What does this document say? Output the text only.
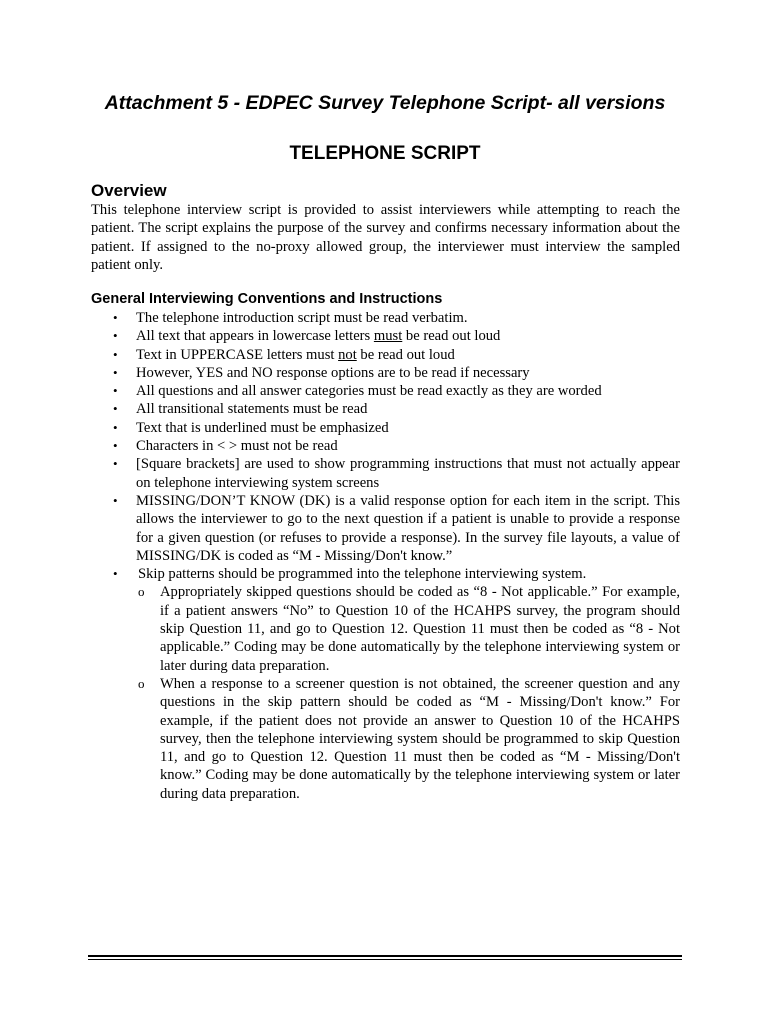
Attachment 5 - EDPEC Survey Telephone Script- all versions
TELEPHONE SCRIPT
Overview

This telephone interview script is provided to assist interviewers while attempting to reach the patient. The script explains the purpose of the survey and confirms necessary information about the patient. If assigned to the no-proxy allowed group, the interviewer must interview the sampled patient only.

General Interviewing Conventions and Instructions
• The telephone introduction script must be read verbatim.
• All text that appears in lowercase letters must be read out loud
• Text in UPPERCASE letters must not be read out loud
• However, YES and NO response options are to be read if necessary
• All questions and all answer categories must be read exactly as they are worded
• All transitional statements must be read
• Text that is underlined must be emphasized
• Characters in < > must not be read
• [Square brackets] are used to show programming instructions that must not actually appear on telephone interviewing system screens
• MISSING/DON’T KNOW (DK) is a valid response option for each item in the script. This allows the interviewer to go to the next question if a patient is unable to provide a response for a given question (or refuses to provide a response). In the survey file layouts, a value of MISSING/DK is coded as “M - Missing/Don't know.”
• Skip patterns should be programmed into the telephone interviewing system.
o Appropriately skipped questions should be coded as “8 - Not applicable.” For example, if a patient answers “No” to Question 10 of the HCAHPS survey, the program should skip Question 11, and go to Question 12. Question 11 must then be coded as “8 - Not applicable.” Coding may be done automatically by the telephone interviewing system or later during data preparation.
o When a response to a screener question is not obtained, the screener question and any questions in the skip pattern should be coded as “M - Missing/Don't know.” For example, if the patient does not provide an answer to Question 10 of the HCAHPS survey, then the telephone interviewing system should be programmed to skip Question 11, and go to Question 12. Question 11 must then be coded as “M - Missing/Don't know.” Coding may be done automatically by the telephone interviewing system or later during data preparation.
